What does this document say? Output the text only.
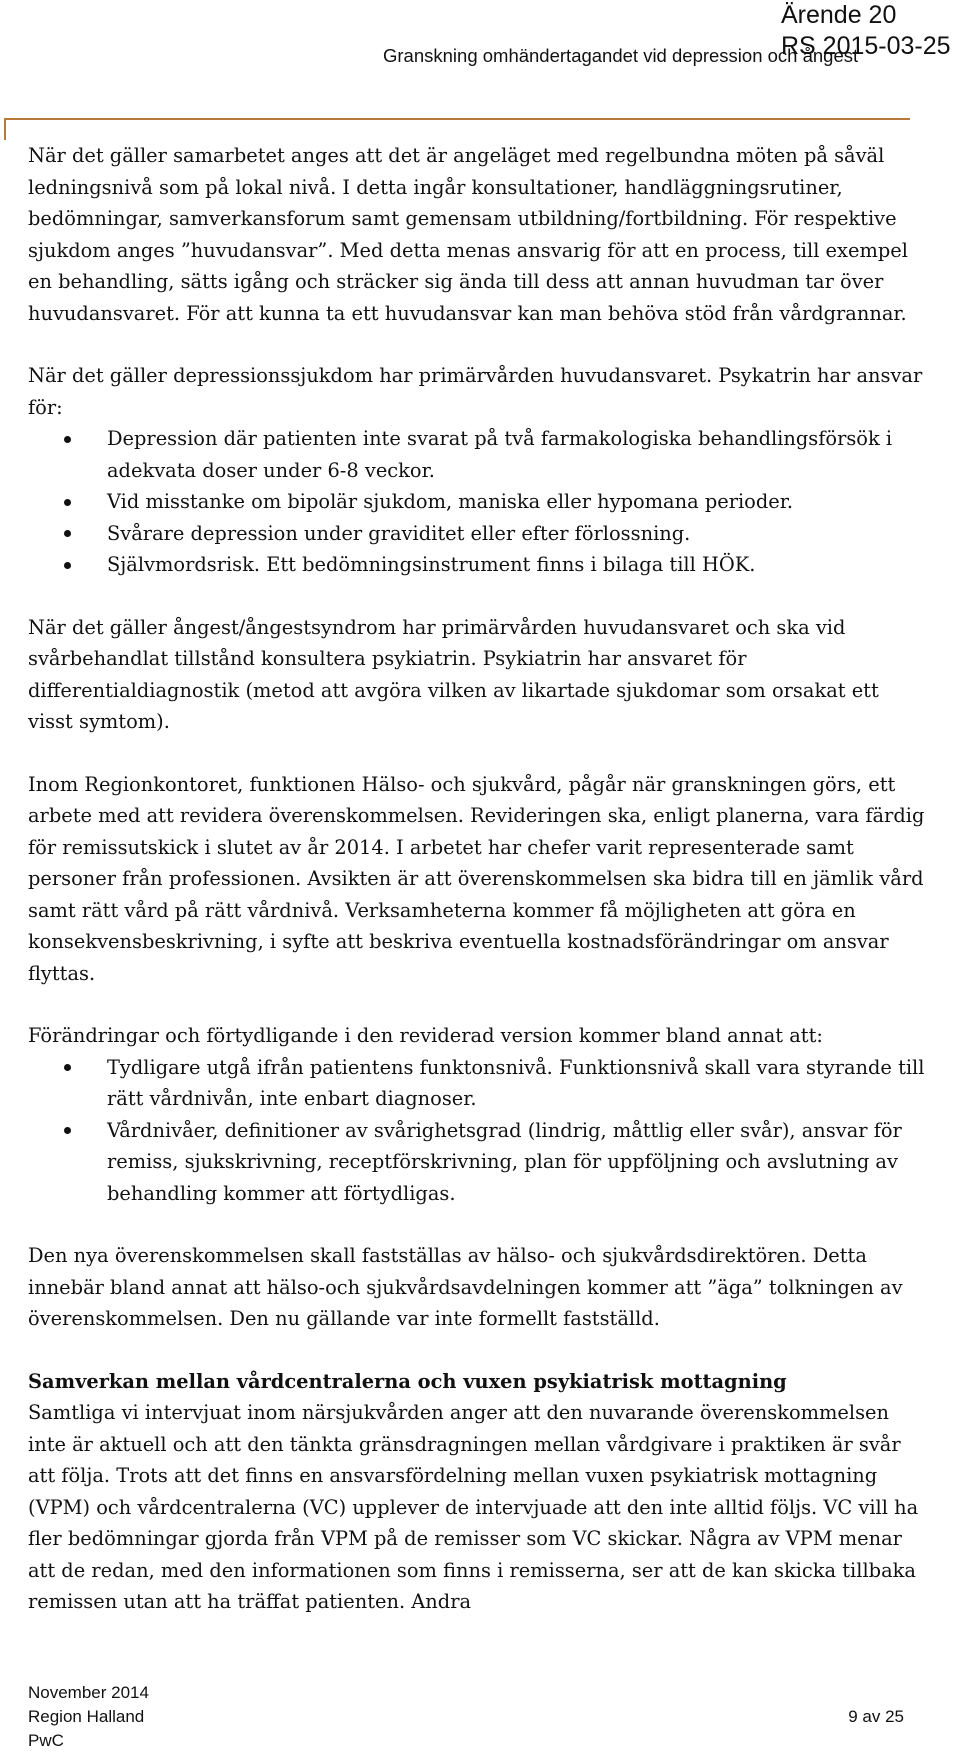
Ärende 20
RS 2015-03-25
Granskning omhändertagandet vid depression och ångest

När det gäller samarbetet anges att det är angeläget med regelbundna möten på såväl ledningsnivå som på lokal nivå. I detta ingår konsultationer, handläggningsrutiner, bedömningar, samverkansforum samt gemensam utbildning/fortbildning. För respektive sjukdom anges ”huvudansvar”. Med detta menas ansvarig för att en process, till exempel en behandling, sätts igång och sträcker sig ända till dess att annan huvudman tar över huvudansvaret. För att kunna ta ett huvudansvar kan man behöva stöd från vårdgrannar.

När det gäller depressionssjukdom har primärvården huvudansvaret. Psykatrin har ansvar för:

Depression där patienten inte svarat på två farmakologiska behandlingsförsök i adekvata doser under 6-8 veckor.
Vid misstanke om bipolär sjukdom, maniska eller hypomana perioder.
Svårare depression under graviditet eller efter förlossning.
Självmordsrisk. Ett bedömningsinstrument finns i bilaga till HÖK.

När det gäller ångest/ångestsyndrom har primärvården huvudansvaret och ska vid svårbehandlat tillstånd konsultera psykiatrin. Psykiatrin har ansvaret för differentialdiagnostik (metod att avgöra vilken av likartade sjukdomar som orsakat ett visst symtom).

Inom Regionkontoret, funktionen Hälso- och sjukvård, pågår när granskningen görs, ett arbete med att revidera överenskommelsen. Revideringen ska, enligt planerna, vara färdig för remissutskick i slutet av år 2014. I arbetet har chefer varit representerade samt personer från professionen. Avsikten är att överenskommelsen ska bidra till en jämlik vård samt rätt vård på rätt vårdnivå. Verksamheterna kommer få möjligheten att göra en konsekvensbeskrivning, i syfte att beskriva eventuella kostnadsförändringar om ansvar flyttas.

Förändringar och förtydligande i den reviderad version kommer bland annat att:

Tydligare utgå ifrån patientens funktonsnivå. Funktionsnivå skall vara styrande till rätt vårdnivån, inte enbart diagnoser.
Vårdnivåer, definitioner av svårighetsgrad (lindrig, måttlig eller svår), ansvar för remiss, sjukskrivning, receptförskrivning, plan för uppföljning och avslutning av behandling kommer att förtydligas.

Den nya överenskommelsen skall fastställas av hälso- och sjukvårdsdirektören. Detta innebär bland annat att hälso-och sjukvårdsavdelningen kommer att ”äga” tolkningen av överenskommelsen. Den nu gällande var inte formellt fastställd.

Samverkan mellan vårdcentralerna och vuxen psykiatrisk mottagning

Samtliga vi intervjuat inom närsjukvården anger att den nuvarande överenskommelsen inte är aktuell och att den tänkta gränsdragningen mellan vårdgivare i praktiken är svår att följa. Trots att det finns en ansvarsfördelning mellan vuxen psykiatrisk mottagning (VPM) och vårdcentralerna (VC) upplever de intervjuade att den inte alltid följs. VC vill ha fler bedömningar gjorda från VPM på de remisser som VC skickar. Några av VPM menar att de redan, med den informationen som finns i remisserna, ser att de kan skicka tillbaka remissen utan att ha träffat patienten. Andra

November 2014
Region Halland
PwC
9 av 25
